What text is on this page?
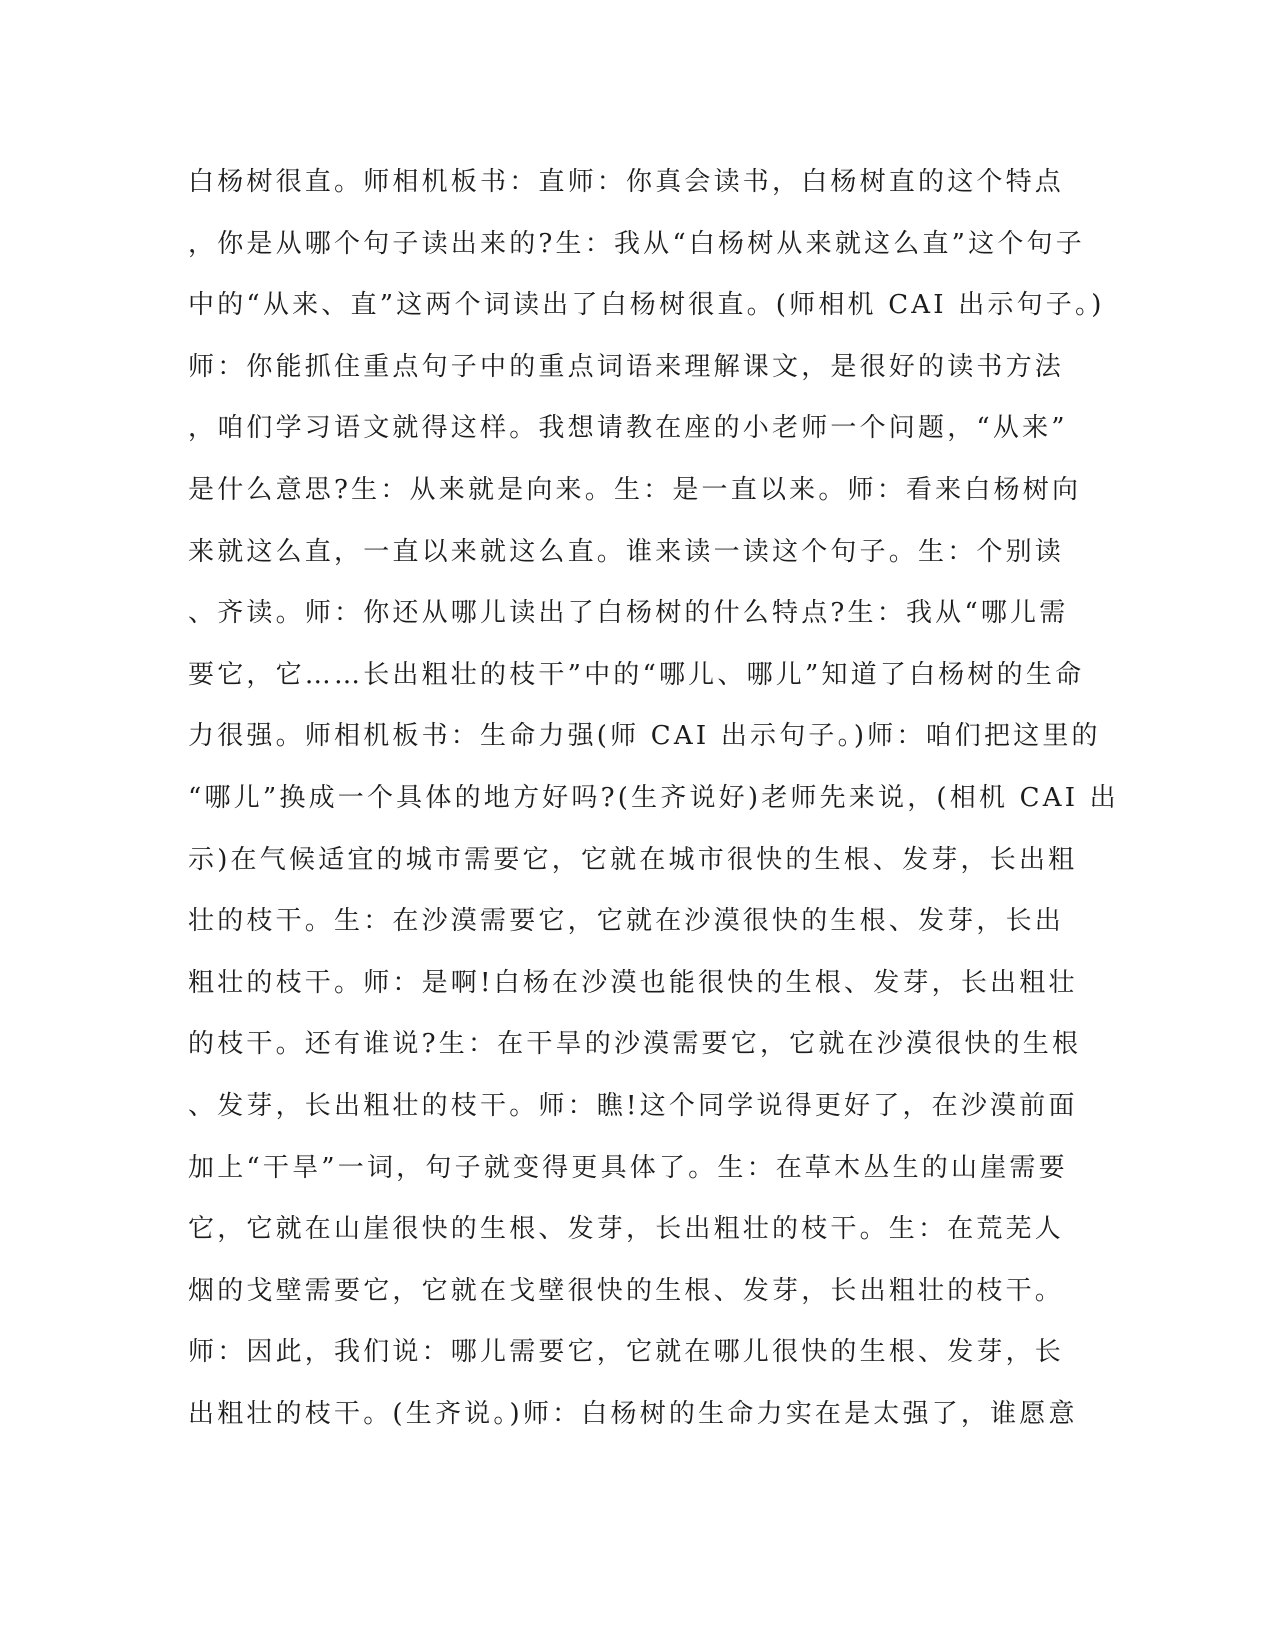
白杨树很直。师相机板书：直师：你真会读书，白杨树直的这个特点
，你是从哪个句子读出来的?生：我从“白杨树从来就这么直”这个句子
中的“从来、直”这两个词读出了白杨树很直。(师相机 CAI 出示句子。)
师：你能抓住重点句子中的重点词语来理解课文，是很好的读书方法
，咱们学习语文就得这样。我想请教在座的小老师一个问题，“从来”
是什么意思?生：从来就是向来。生：是一直以来。师：看来白杨树向
来就这么直，一直以来就这么直。谁来读一读这个句子。生：个别读
、齐读。师：你还从哪儿读出了白杨树的什么特点?生：我从“哪儿需
要它，它……长出粗壮的枝干”中的“哪儿、哪儿”知道了白杨树的生命
力很强。师相机板书：生命力强(师 CAI 出示句子。)师：咱们把这里的
“哪儿”换成一个具体的地方好吗?(生齐说好)老师先来说，(相机 CAI 出
示)在气候适宜的城市需要它，它就在城市很快的生根、发芽，长出粗
壮的枝干。生：在沙漠需要它，它就在沙漠很快的生根、发芽，长出
粗壮的枝干。师：是啊!白杨在沙漠也能很快的生根、发芽，长出粗壮
的枝干。还有谁说?生：在干旱的沙漠需要它，它就在沙漠很快的生根
、发芽，长出粗壮的枝干。师：瞧!这个同学说得更好了，在沙漠前面
加上“干旱”一词，句子就变得更具体了。生：在草木丛生的山崖需要
它，它就在山崖很快的生根、发芽，长出粗壮的枝干。生：在荒芜人
烟的戈壁需要它，它就在戈壁很快的生根、发芽，长出粗壮的枝干。
师：因此，我们说：哪儿需要它，它就在哪儿很快的生根、发芽，长
出粗壮的枝干。(生齐说。)师：白杨树的生命力实在是太强了，谁愿意
